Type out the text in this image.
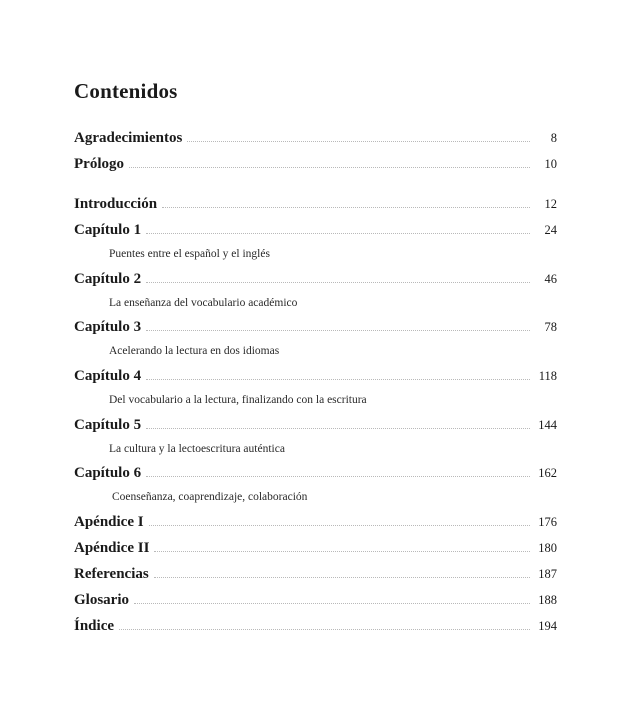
Contenidos
Agradecimientos	8
Prólogo	10
Introducción	12
Capítulo 1	24
Puentes entre el español y el inglés
Capítulo 2	46
La enseñanza del vocabulario académico
Capítulo 3	78
Acelerando la lectura en dos idiomas
Capítulo 4	118
Del vocabulario a la lectura, finalizando con la escritura
Capítulo 5	144
La cultura y la lectoescritura auténtica
Capítulo 6	162
Coenseñanza, coaprendizaje, colaboración
Apéndice I	176
Apéndice II	180
Referencias	187
Glosario	188
Índice	194
